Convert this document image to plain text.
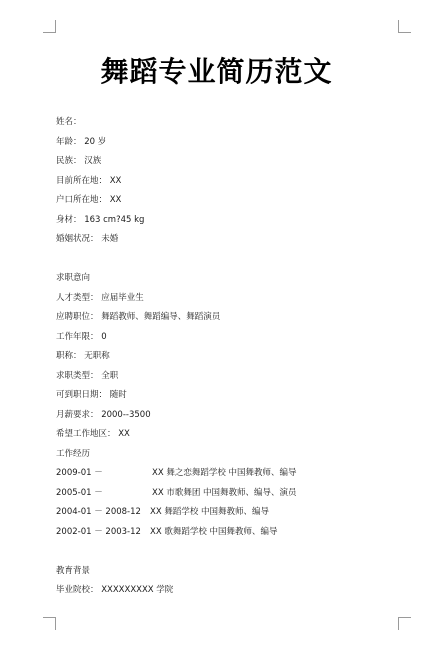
舞蹈专业简历范文
姓名：
年龄： 20 岁
民族： 汉族
目前所在地： XX
户口所在地： XX
身材： 163 cm?45 kg
婚姻状况： 未婚
求职意向
人才类型： 应届毕业生
应聘职位： 舞蹈教师、舞蹈编导、舞蹈演员
工作年限： 0
职称： 无职称
求职类型： 全职
可到职日期： 随时
月薪要求： 2000--3500
希望工作地区： XX
工作经历
2009-01 －	XX 舞之恋舞蹈学校 中国舞教师、编导
2005-01 －	XX 市歌舞团 中国舞教师、编导、演员
2004-01 － 2008-12 XX 舞蹈学校 中国舞教师、编导
2002-01 － 2003-12 XX 歌舞蹈学校 中国舞教师、编导
教育背景
毕业院校： XXXXXXXXX 学院
